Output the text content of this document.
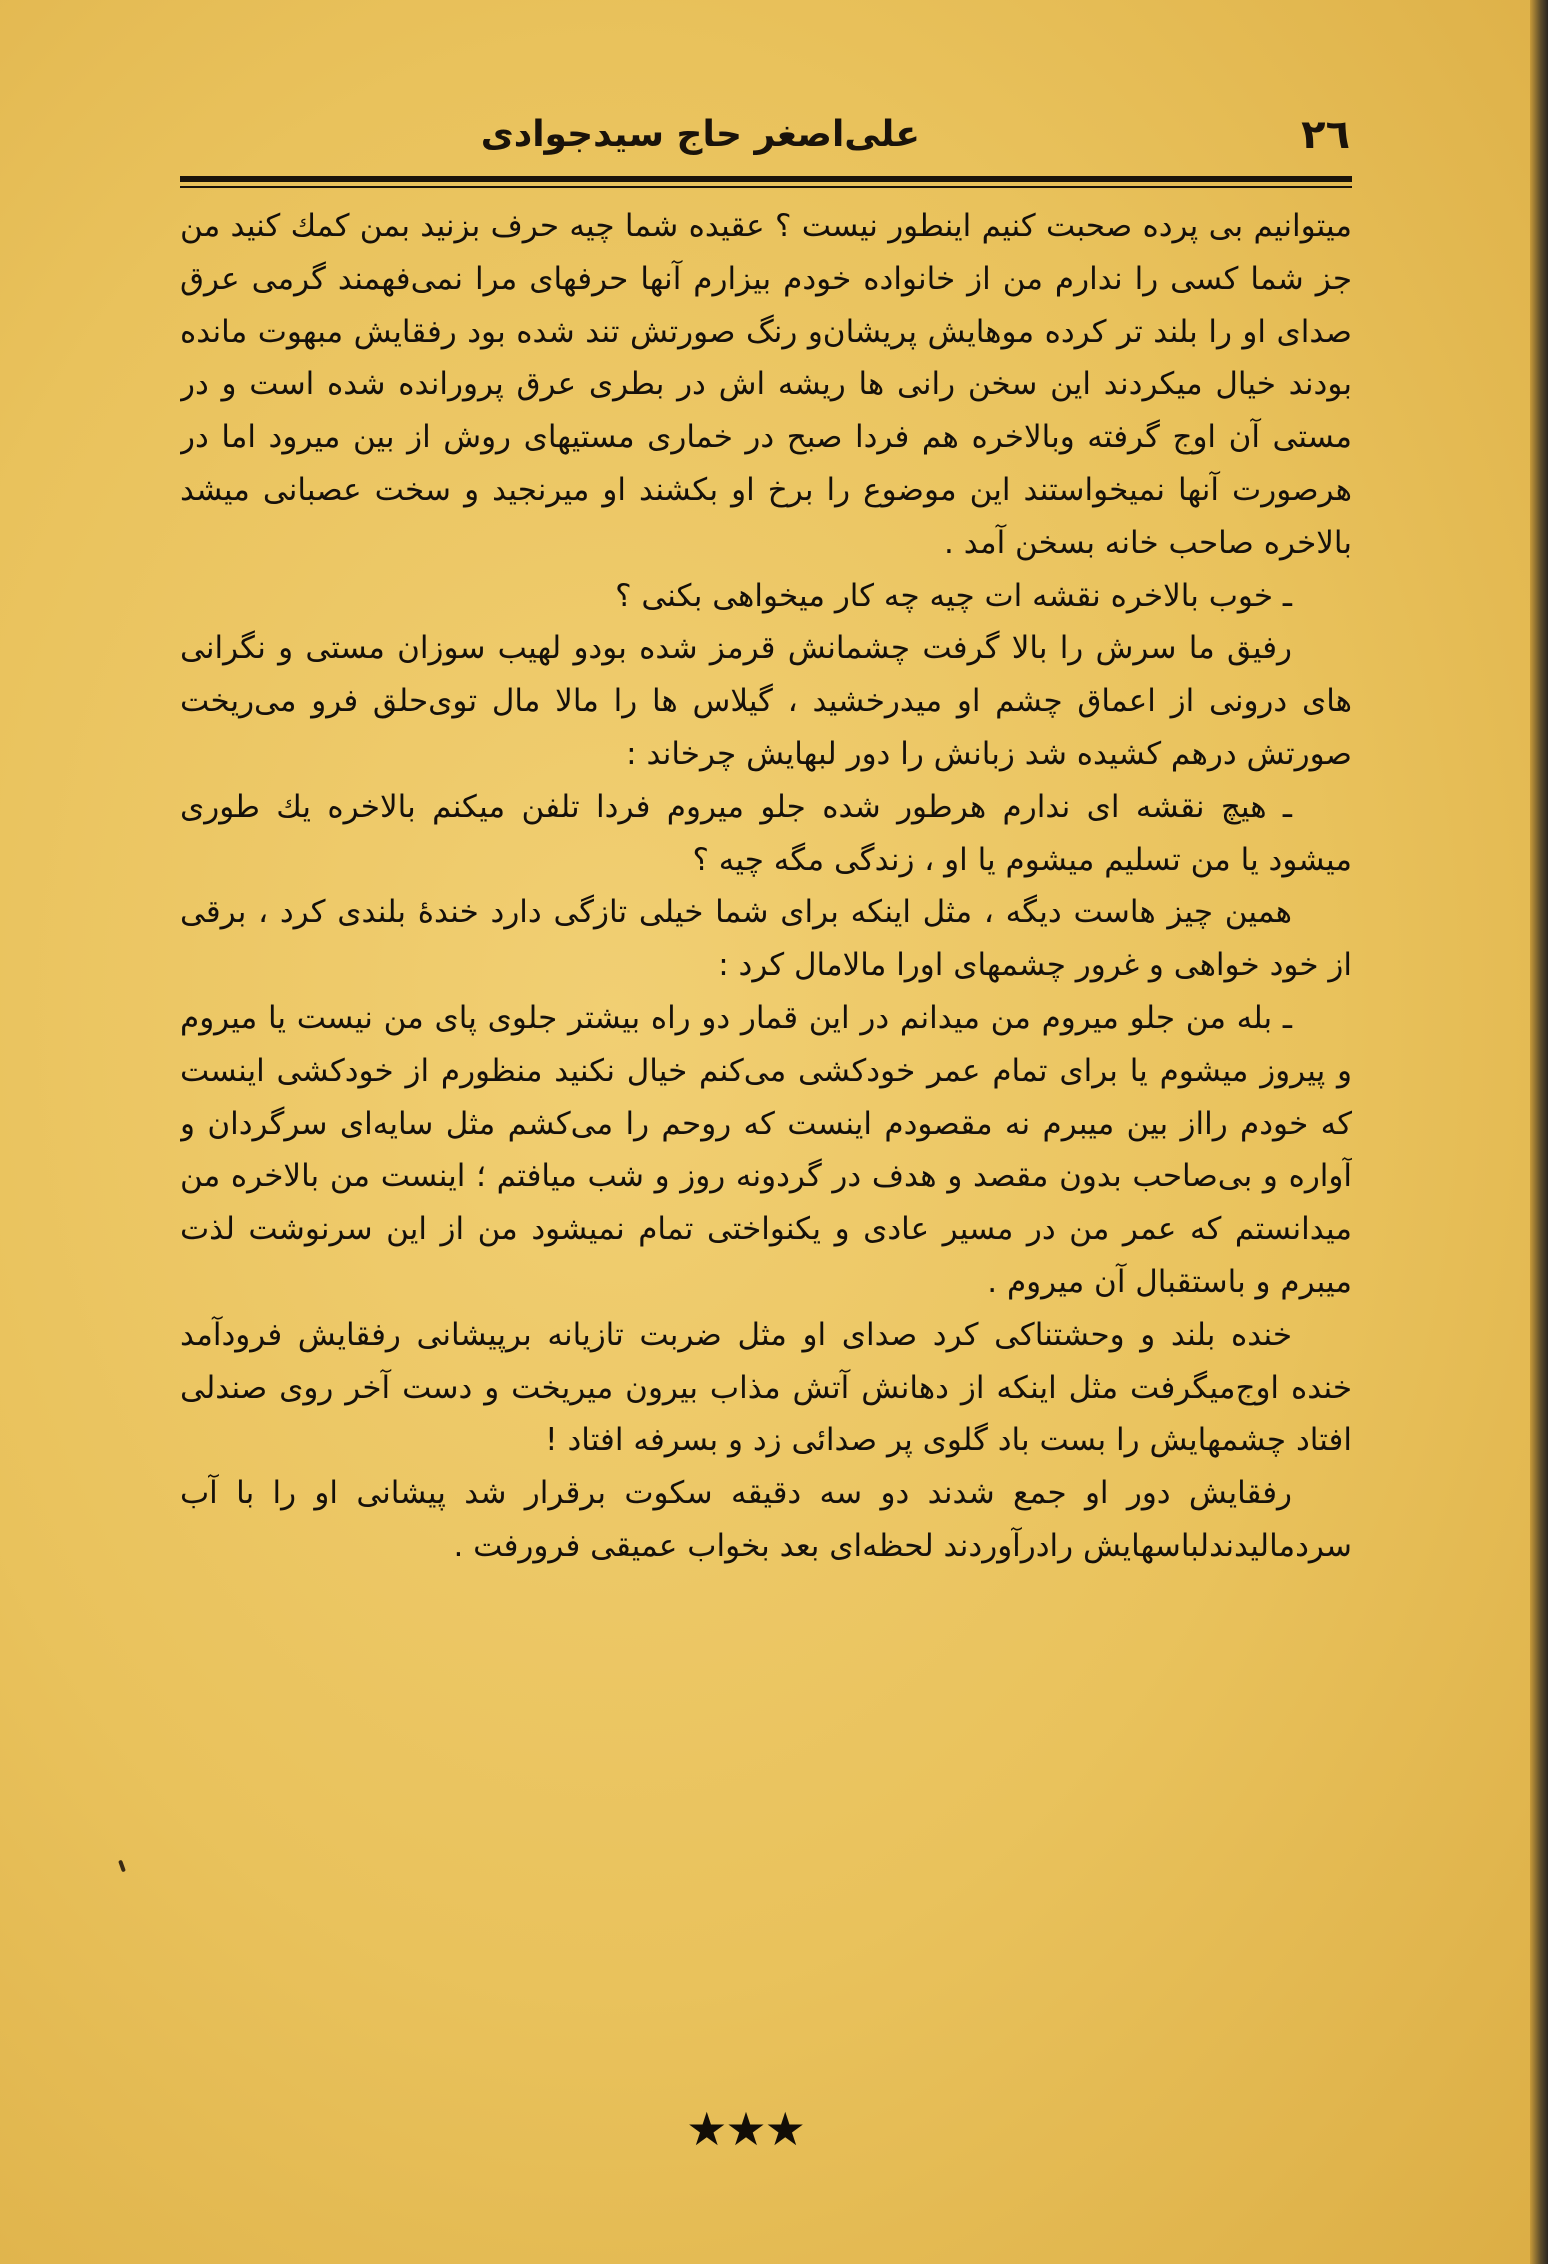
٢٦
علی‌اصغر حاج سیدجوادی

میتوانیم بی پرده صحبت کنیم اینطور نیست ؟ عقیده شما چیه حرف بزنید بمن کمك کنید من جز شما کسی را ندارم من از خانواده خودم بیزارم آنها حرفهای مرا نمی‌فهمند گرمی عرق صدای او را بلند تر کرده موهایش پریشان‌و رنگ صورتش تند شده بود رفقایش مبهوت مانده بودند خیال میکردند این سخن رانی ها ریشه اش در بطری عرق پرورانده شده است و در مستی آن اوج گرفته وبالاخره هم فردا صبح در خماری مستیهای روش از بین میرود اما در هرصورت آنها نمیخواستند این موضوع را برخ او بکشند او میرنجید و سخت عصبانی میشد بالاخره صاحب خانه بسخن آمد .

ـ خوب بالاخره نقشه ات چیه چه کار میخواهی بکنی ؟

رفیق ما سرش را بالا گرفت چشمانش قرمز شده بودو لهیب سوزان مستی و نگرانی های درونی از اعماق چشم او میدرخشید ، گیلاس ها را مالا مال توی‌حلق فرو می‌ریخت صورتش درهم کشیده شد زبانش را دور لبهایش چرخاند :

ـ هیچ نقشه ای ندارم هرطور شده جلو میروم فردا تلفن میکنم بالاخره یك طوری میشود یا من تسلیم میشوم یا او ، زندگی مگه چیه ؟

همین چیز هاست دیگه ، مثل اینکه برای شما خیلی تازگی دارد خندهٔ بلندی کرد ، برقی از خود خواهی و غرور چشمهای اورا مالامال کرد :

ـ بله من جلو میروم من میدانم در این قمار دو راه بیشتر جلوی پای من نیست یا میروم و پیروز میشوم یا برای تمام عمر خودکشی می‌کنم خیال نکنید منظورم از خودکشی اینست که خودم رااز بین میبرم نه مقصودم اینست که روحم را می‌کشم مثل سایه‌ای سرگردان و آواره و بی‌صاحب بدون مقصد و هدف در گردونه روز و شب میافتم ؛ اینست من بالاخره من میدانستم که عمر من در مسیر عادی و یکنواختی تمام نمیشود من از این سرنوشت لذت میبرم و باستقبال آن میروم .

خنده بلند و وحشتناکی کرد صدای او مثل ضربت تازیانه برپیشانی رفقایش فرودآمد خنده اوج‌میگرفت مثل اینکه از دهانش آتش مذاب بیرون میریخت و دست آخر روی صندلی افتاد چشمهایش را بست باد گلوی پر صدائی زد و بسرفه افتاد !

رفقایش دور او جمع شدند دو سه دقیقه سکوت برقرار شد پیشانی او را با آب سردمالیدندلباسهایش رادرآوردند لحظه‌ای بعد بخواب عمیقی فرورفت .

★★★
